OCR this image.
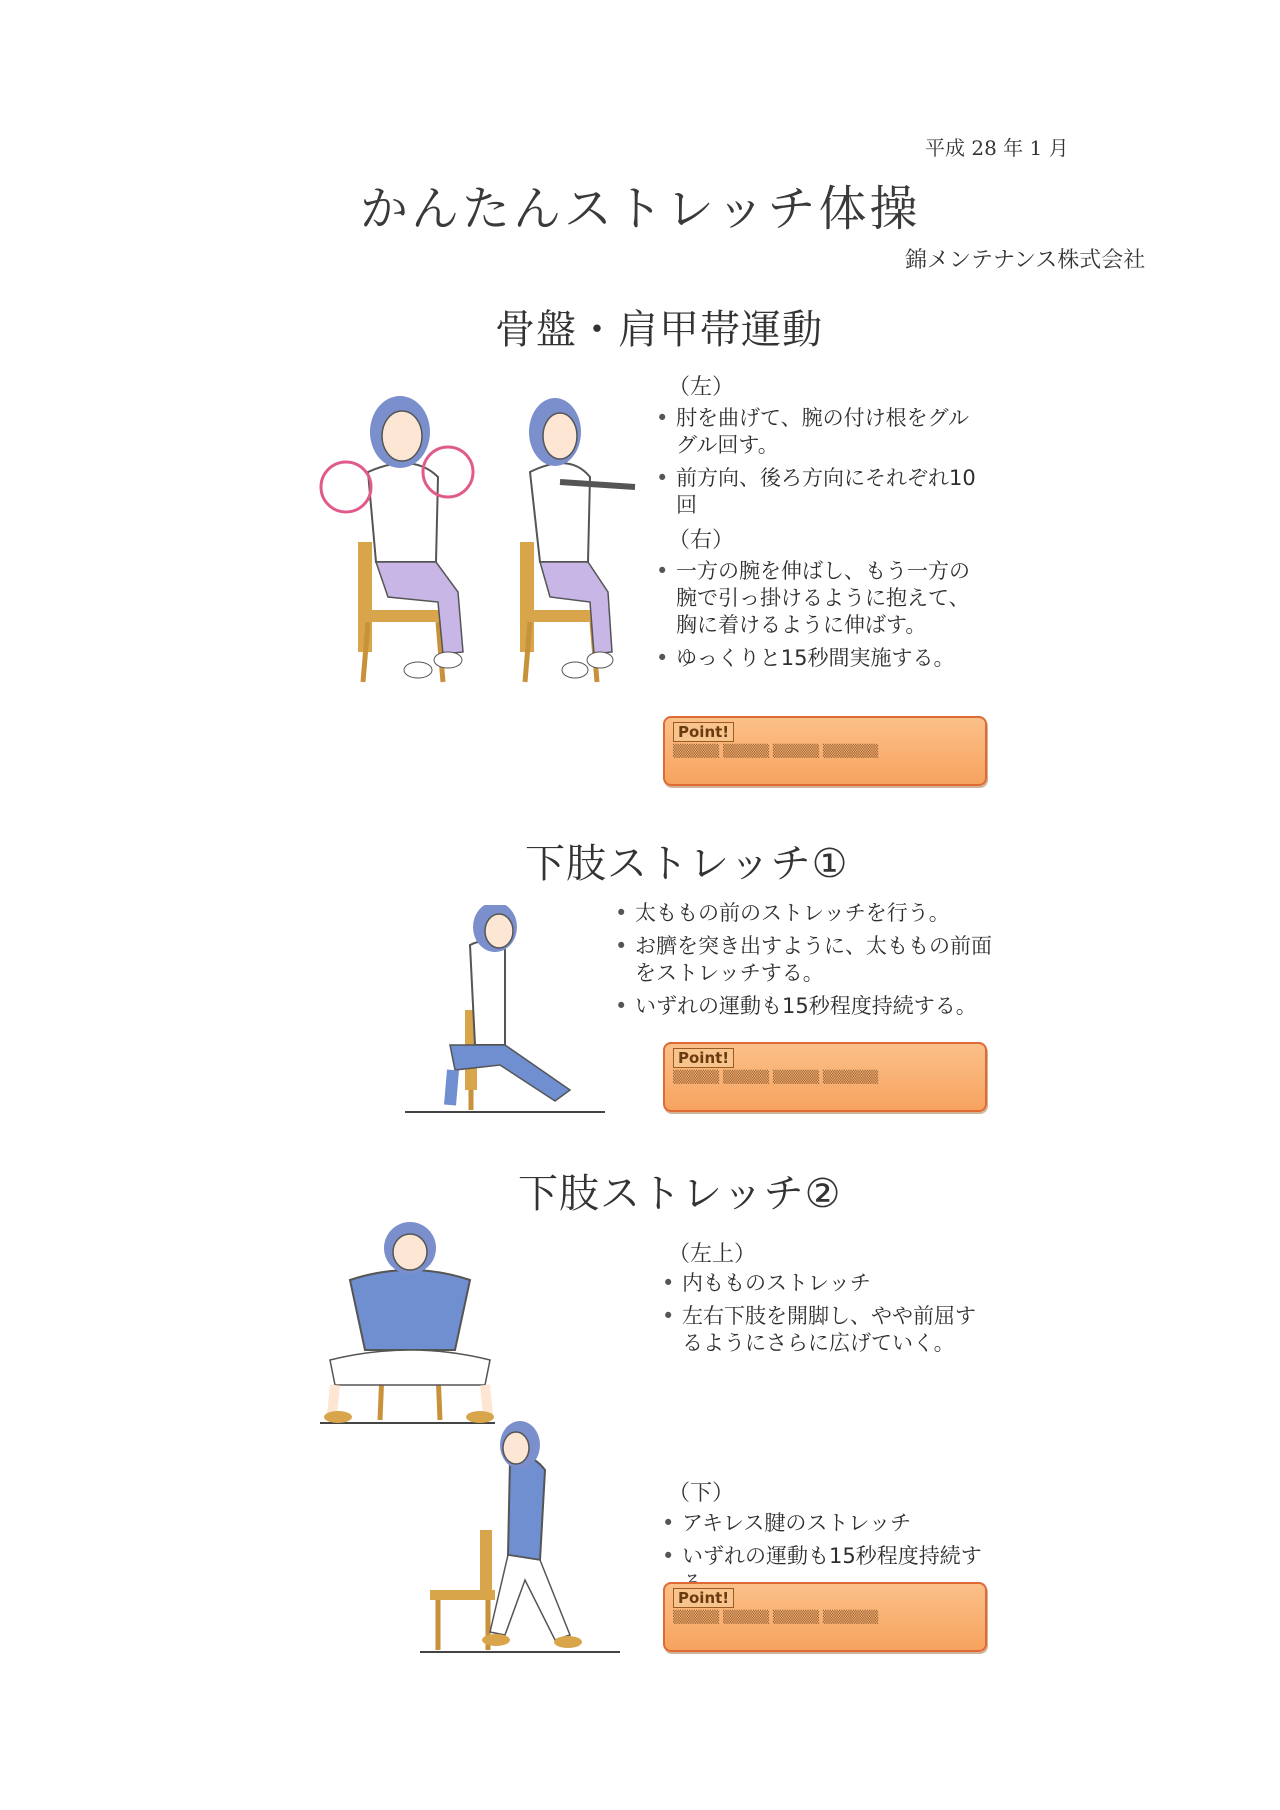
平成 28 年 1 月
かんたんストレッチ体操
錦メンテナンス株式会社
骨盤・肩甲帯運動
（左）
• 肘を曲げて、腕の付け根をグルグル回す。
• 前方向、後ろ方向にそれぞれ10回
（右）
• 一方の腕を伸ばし、もう一方の腕で引っ掛けるように抱えて、胸に着けるように伸ばす。
• ゆっくりと15秒間実施する。
Point!
▒▒▒▒▒ ▒▒▒▒▒ ▒▒▒▒▒ ▒▒▒▒▒▒
下肢ストレッチ①
• 太ももの前のストレッチを行う。
• お臍を突き出すように、太ももの前面をストレッチする。
• いずれの運動も15秒程度持続する。
Point!
▒▒▒▒▒ ▒▒▒▒▒ ▒▒▒▒▒ ▒▒▒▒▒▒
下肢ストレッチ②
（左上）
• 内もものストレッチ
• 左右下肢を開脚し、やや前屈するようにさらに広げていく。
（下）
• アキレス腱のストレッチ
• いずれの運動も15秒程度持続す
Point!
▒▒▒▒▒ ▒▒▒▒▒ ▒▒▒▒▒ ▒▒▒▒▒▒
